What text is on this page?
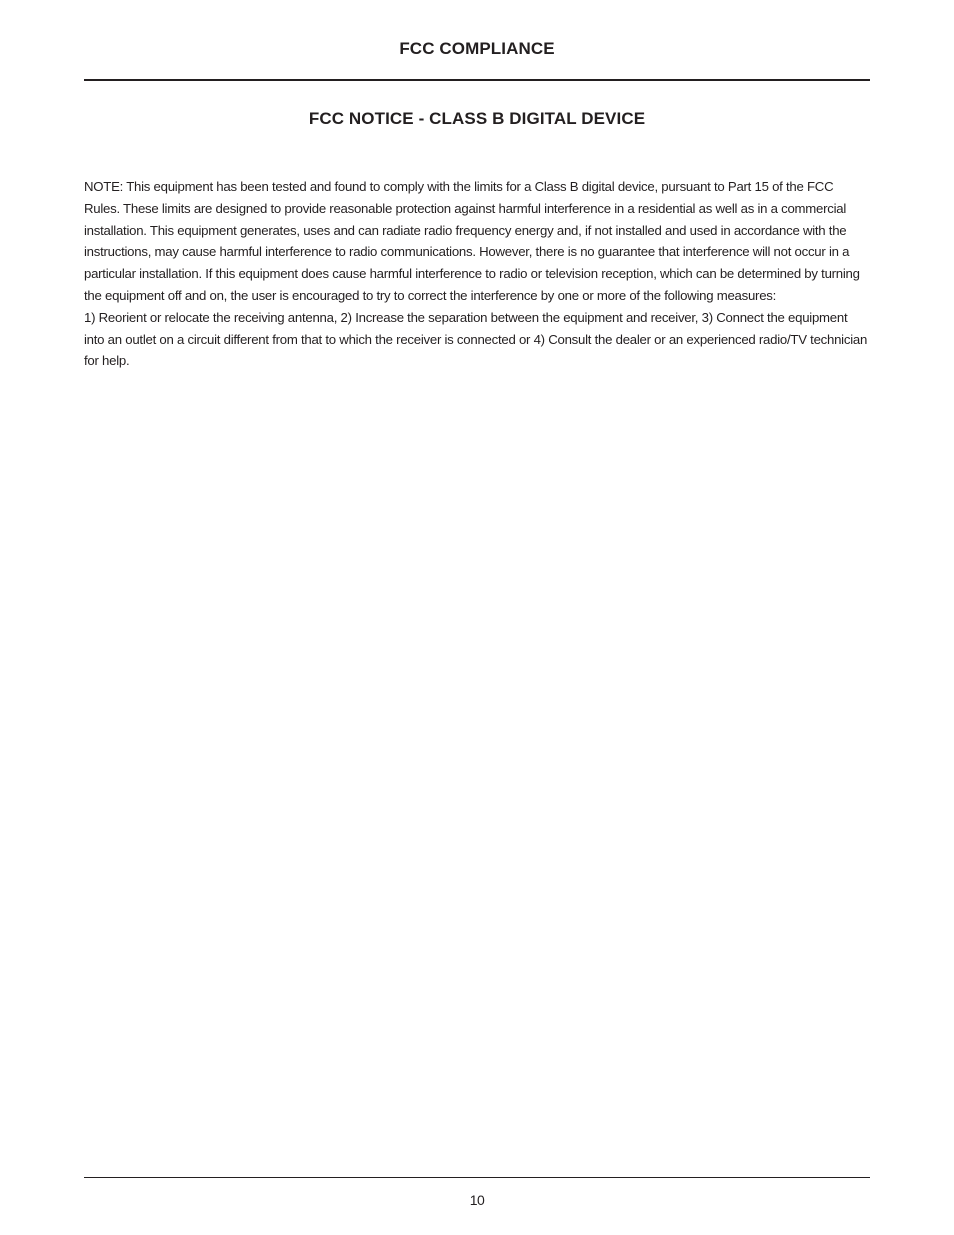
FCC COMPLIANCE
FCC NOTICE - CLASS B DIGITAL DEVICE

NOTE: This equipment has been tested and found to comply with the limits for a Class B digital device, pursuant to Part 15 of the FCC Rules. These limits are designed to provide reasonable protection against harmful interference in a residential as well as in a commercial installation. This equipment generates, uses and can radiate radio frequency energy and, if not installed and used in accordance with the instructions, may cause harmful interference to radio communications. However, there is no guarantee that interference will not occur in a particular installation. If this equipment does cause harmful interference to radio or television reception, which can be determined by turning the equipment off and on, the user is encouraged to try to correct the interference by one or more of the following measures:

1) Reorient or relocate the receiving antenna, 2) Increase the separation between the equipment and receiver, 3) Connect the equipment into an outlet on a circuit different from that to which the receiver is connected or 4) Consult the dealer or an experienced radio/TV technician for help.

10
